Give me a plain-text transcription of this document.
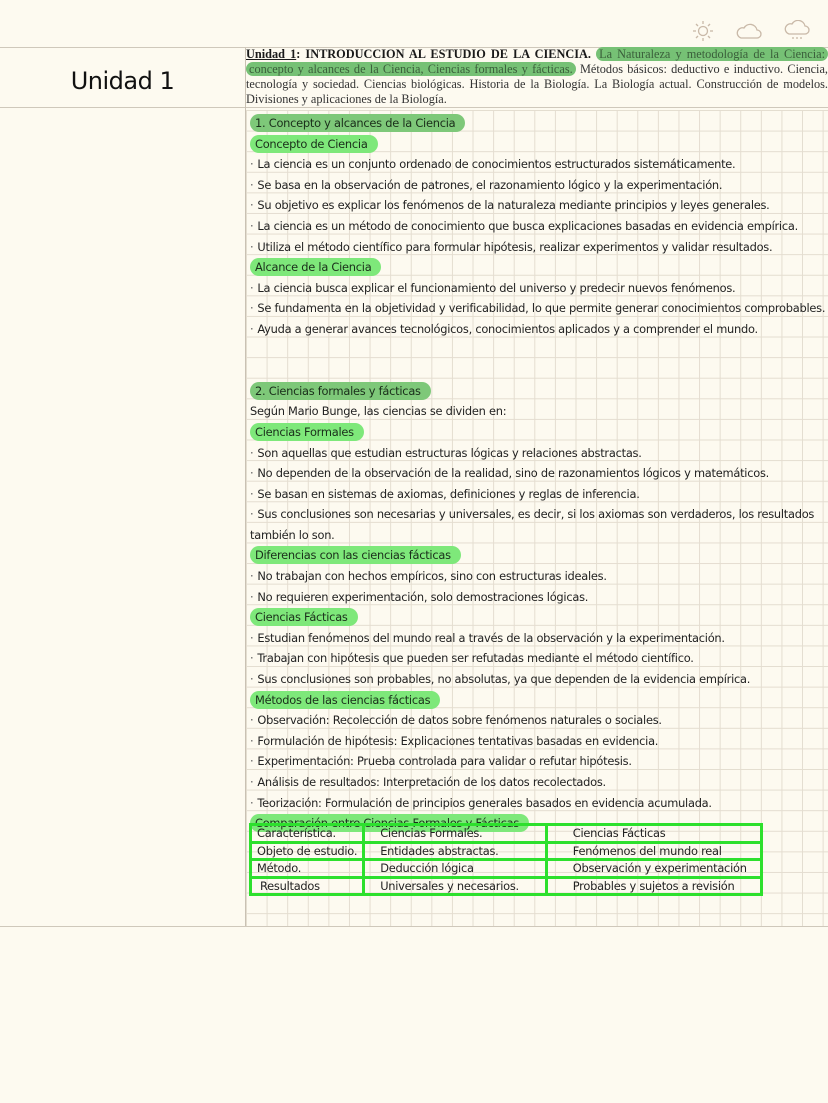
Unidad 1
Unidad 1: INTRODUCCION AL ESTUDIO DE LA CIENCIA. La Naturaleza y metodología de la Ciencia: concepto y alcances de la Ciencia, Ciencias formales y fácticas. Métodos básicos: deductivo e inductivo. Ciencia, tecnología y sociedad. Ciencias biológicas. Historia de la Biología. La Biología actual. Construcción de modelos. Divisiones y aplicaciones de la Biología.
1. Concepto y alcances de la Ciencia
Concepto de Ciencia
· La ciencia es un conjunto ordenado de conocimientos estructurados sistemáticamente.
· Se basa en la observación de patrones, el razonamiento lógico y la experimentación.
· Su objetivo es explicar los fenómenos de la naturaleza mediante principios y leyes generales.
· La ciencia es un método de conocimiento que busca explicaciones basadas en evidencia empírica.
· Utiliza el método científico para formular hipótesis, realizar experimentos y validar resultados.
Alcance de la Ciencia
· La ciencia busca explicar el funcionamiento del universo y predecir nuevos fenómenos.
· Se fundamenta en la objetividad y verificabilidad, lo que permite generar conocimientos comprobables.
· Ayuda a generar avances tecnológicos, conocimientos aplicados y a comprender el mundo.
2. Ciencias formales y fácticas
Según Mario Bunge, las ciencias se dividen en:
Ciencias Formales
· Son aquellas que estudian estructuras lógicas y relaciones abstractas.
· No dependen de la observación de la realidad, sino de razonamientos lógicos y matemáticos.
· Se basan en sistemas de axiomas, definiciones y reglas de inferencia.
· Sus conclusiones son necesarias y universales, es decir, si los axiomas son verdaderos, los resultados
también lo son.
Diferencias con las ciencias fácticas
· No trabajan con hechos empíricos, sino con estructuras ideales.
· No requieren experimentación, solo demostraciones lógicas.
Ciencias Fácticas
· Estudian fenómenos del mundo real a través de la observación y la experimentación.
· Trabajan con hipótesis que pueden ser refutadas mediante el método científico.
· Sus conclusiones son probables, no absolutas, ya que dependen de la evidencia empírica.
Métodos de las ciencias fácticas
· Observación: Recolección de datos sobre fenómenos naturales o sociales.
· Formulación de hipótesis: Explicaciones tentativas basadas en evidencia.
· Experimentación: Prueba controlada para validar o refutar hipótesis.
· Análisis de resultados: Interpretación de los datos recolectados.
· Teorización: Formulación de principios generales basados en evidencia acumulada.
Comparación entre Ciencias Formales y Fácticas
Característica.	Ciencias Formales.	Ciencias Fácticas
Objeto de estudio.	Entidades abstractas.	Fenómenos del mundo real
Método.	Deducción lógica	Observación y experimentación
Resultados	Universales y necesarios.	Probables y sujetos a revisión
